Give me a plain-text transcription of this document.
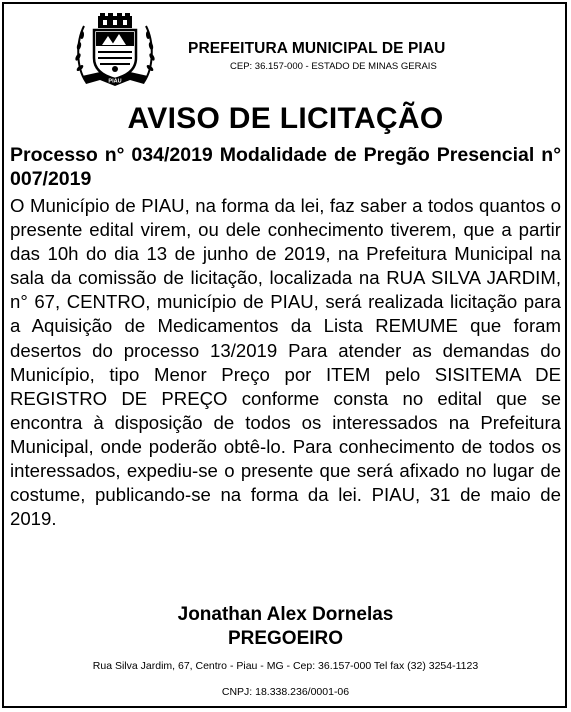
PIAU
PREFEITURA MUNICIPAL DE PIAU
CEP: 36.157-000 - ESTADO DE MINAS GERAIS
AVISO DE LICITAÇÃO
Processo n° 034/2019 Modalidade de Pregão Presencial n° 007/2019
O Município de PIAU, na forma da lei, faz saber a todos quantos o presente edital virem, ou dele conhecimento tiverem, que a partir das 10h do dia 13 de junho de 2019, na Prefeitura Municipal na sala da comissão de licitação, localizada na RUA SILVA JARDIM, n° 67, CENTRO, município de PIAU, será realizada licitação para a Aquisição de Medicamentos da Lista REMUME que foram desertos do processo 13/2019 Para atender as demandas do Município, tipo Menor Preço por ITEM pelo SISITEMA DE REGISTRO DE PREÇO conforme consta no edital que se encontra à disposição de todos os interessados na Prefeitura Municipal, onde poderão obtê-lo. Para conhecimento de todos os interessados, expediu-se o presente que será afixado no lugar de costume, publicando-se na forma da lei. PIAU, 31 de maio de 2019.
Jonathan Alex Dornelas
PREGOEIRO
Rua Silva Jardim, 67, Centro - Piau - MG - Cep: 36.157-000 Tel fax (32) 3254-1123
CNPJ: 18.338.236/0001-06
